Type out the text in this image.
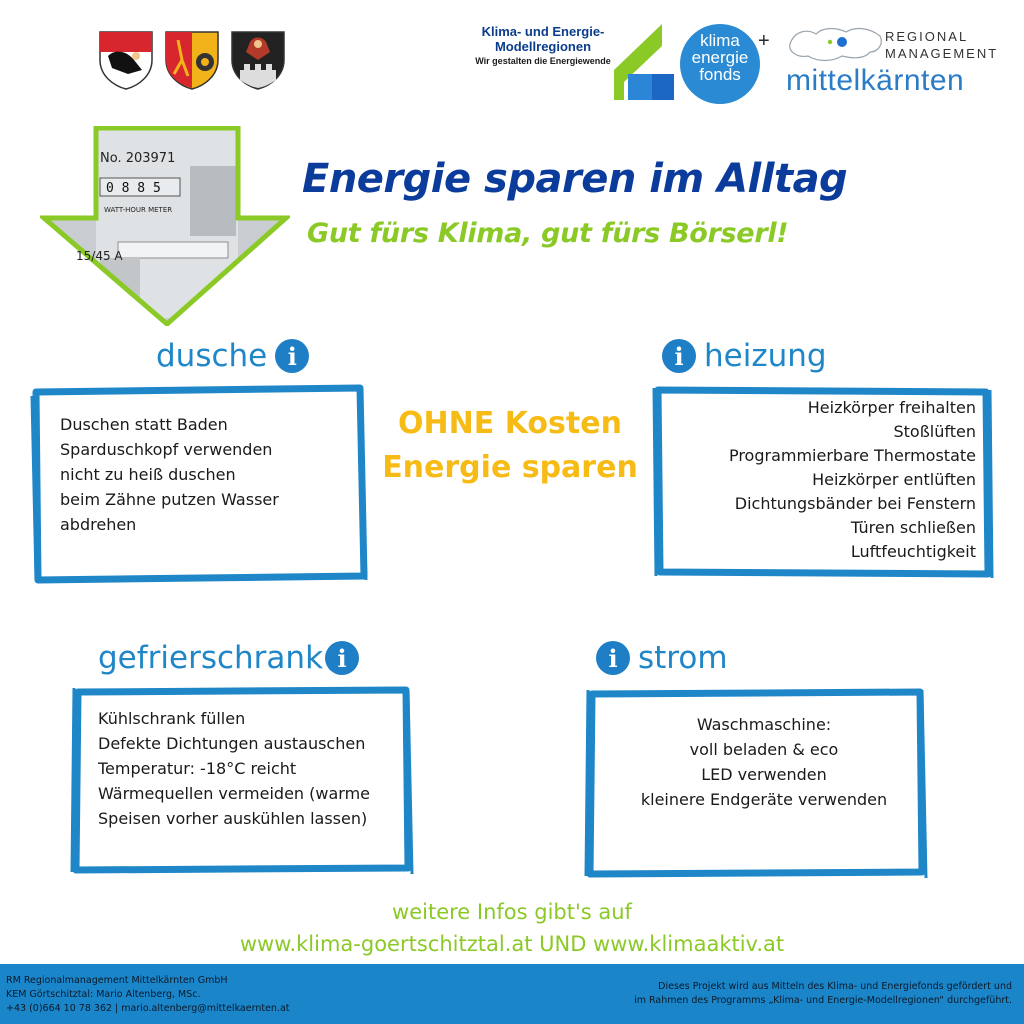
Klima- und Energie-
Modellregionen
Wir gestalten die Energiewende
klima
energie
fonds
+	REGIONAL
MANAGEMENT
mittelkärnten
No. 203971
0 8 8 5
WATT-HOUR METER
15/45 A
Energie sparen im Alltag
Gut fürs Klima, gut fürs Börserl!
dusche i
Duschen statt Baden
Sparduschkopf verwenden
nicht zu heiß duschen
beim Zähne putzen Wasser
abdrehen
i heizung
Heizkörper freihalten
Stoßlüften
Programmierbare Thermostate
Heizkörper entlüften
Dichtungsbänder bei Fenstern
Türen schließen
Luftfeuchtigkeit
OHNE Kosten
Energie sparen
gefrierschrank i
Kühlschrank füllen
Defekte Dichtungen austauschen
Temperatur: -18°C reicht
Wärmequellen vermeiden (warme
Speisen vorher auskühlen lassen)
i strom
Waschmaschine:
voll beladen & eco
LED verwenden
kleinere Endgeräte verwenden
weitere Infos gibt's auf
www.klima-goertschitztal.at UND www.klimaaktiv.at
RM Regionalmanagement Mittelkärnten GmbH
KEM Görtschitztal: Mario Altenberg, MSc.
+43 (0)664 10 78 362 | mario.altenberg@mittelkaernten.at
Dieses Projekt wird aus Mitteln des Klima- und Energiefonds gefördert und
im Rahmen des Programms „Klima- und Energie-Modellregionen“ durchgeführt.
